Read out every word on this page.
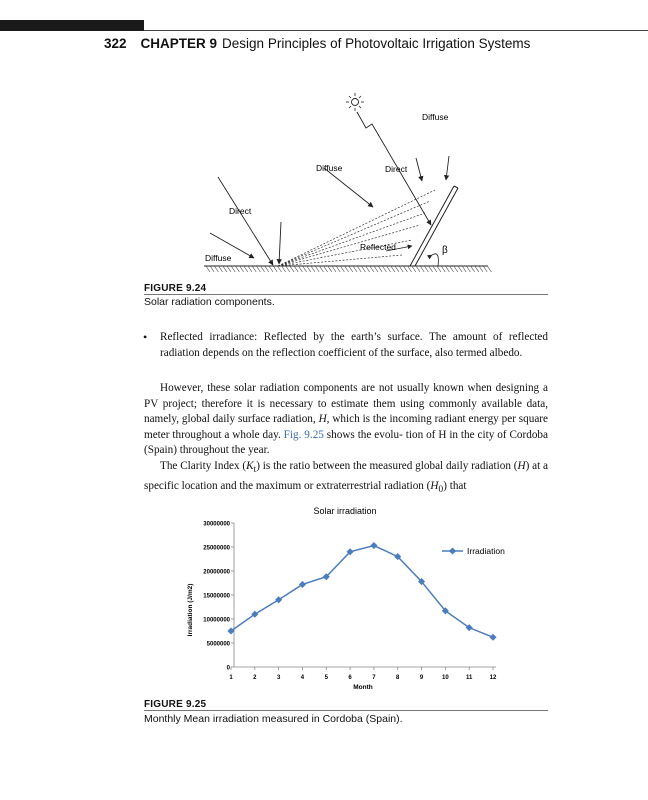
322 CHAPTER 9 Design Principles of Photovoltaic Irrigation Systems
Diffuse
Diffuse	Direct
Direct
Diffuse
Reflected	β
FIGURE 9.24
Solar radiation components.
• Reflected irradiance: Reflected by the earth’s surface. The amount of reflected radiation depends on the reflection coefficient of the surface, also termed albedo.
However, these solar radiation components are not usually known when designing a PV project; therefore it is necessary to estimate them using commonly available data, namely, global daily surface radiation, H, which is the incoming radiant energy per square meter throughout a whole day. Fig. 9.25 shows the evolu- tion of H in the city of Cordoba (Spain) throughout the year.
The Clarity Index $(K_t)$ is the ratio between the measured global daily radiation (H) at a specific location and the maximum or extraterrestrial radiation $(H_0)$ that
Solar irradiation
Irradiation (J/m2)
Month
0
5000000
10000000
15000000
20000000
25000000
30000000
1	2	3	4	5	6	7	8	9	10	11	12
Irradiation
FIGURE 9.25
Monthly Mean irradiation measured in Cordoba (Spain).
